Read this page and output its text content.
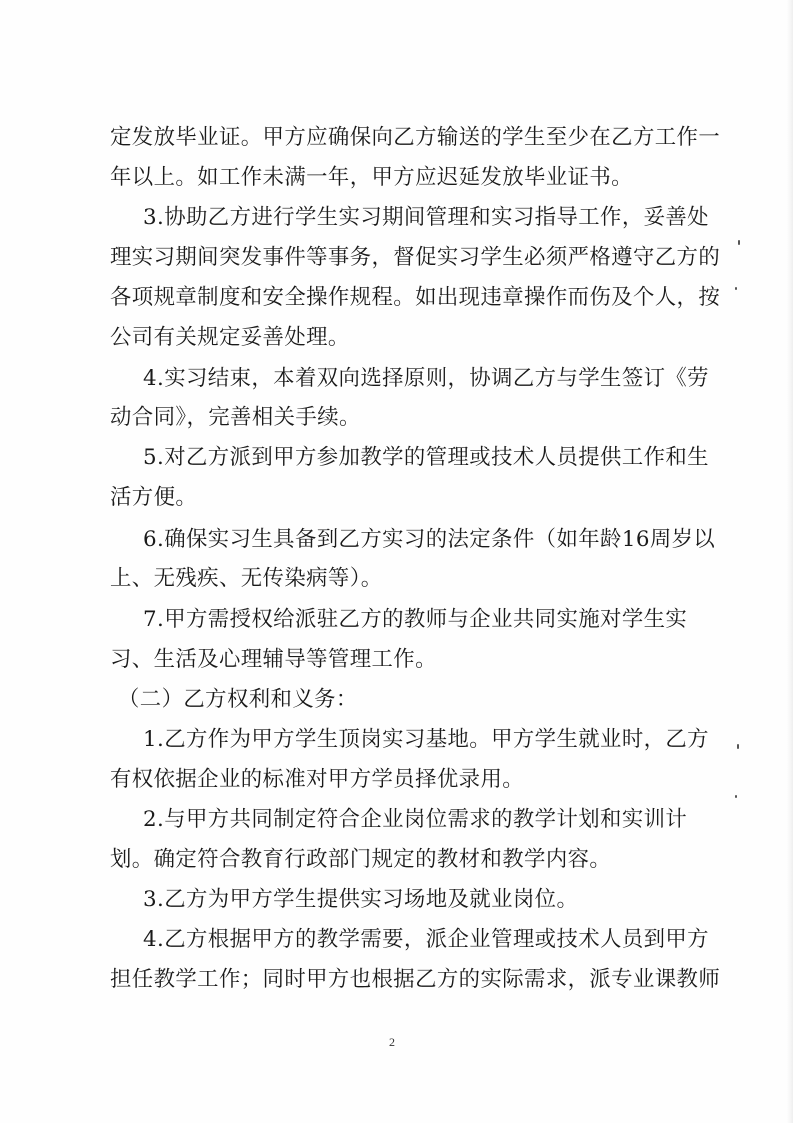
定发放毕业证。甲方应确保向乙方输送的学生至少在乙方工作一
年以上。如工作未满一年，甲方应迟延发放毕业证书。
3.协助乙方进行学生实习期间管理和实习指导工作，妥善处
理实习期间突发事件等事务，督促实习学生必须严格遵守乙方的
各项规章制度和安全操作规程。如出现违章操作而伤及个人，按
公司有关规定妥善处理。
4.实习结束，本着双向选择原则，协调乙方与学生签订《劳
动合同》，完善相关手续。
5.对乙方派到甲方参加教学的管理或技术人员提供工作和生
活方便。
6.确保实习生具备到乙方实习的法定条件（如年龄16周岁以
上、无残疾、无传染病等）。
7.甲方需授权给派驻乙方的教师与企业共同实施对学生实
习、生活及心理辅导等管理工作。
（二）乙方权利和义务：
1.乙方作为甲方学生顶岗实习基地。甲方学生就业时，乙方
有权依据企业的标准对甲方学员择优录用。
2.与甲方共同制定符合企业岗位需求的教学计划和实训计
划。确定符合教育行政部门规定的教材和教学内容。
3.乙方为甲方学生提供实习场地及就业岗位。
4.乙方根据甲方的教学需要，派企业管理或技术人员到甲方
担任教学工作；同时甲方也根据乙方的实际需求，派专业课教师
2
